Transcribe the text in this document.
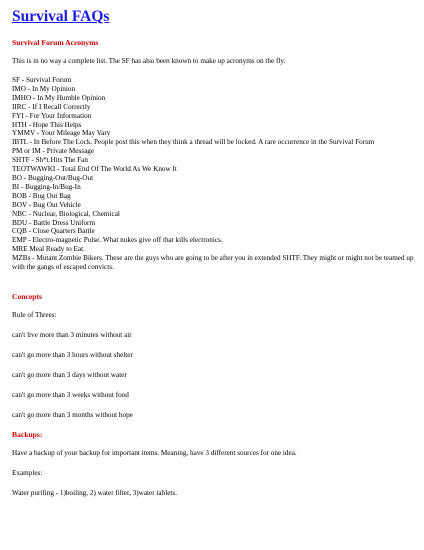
Survival FAQs
Survival Forum Acronyms
This is in no way a complete list. The SF has also been known to make up acronyms on the fly.
SF - Survival Forum
IMO - In My Opinion
IMHO - In My Humble Opinion
IIRC - If I Recall Correctly
FYI - For Your Information
HTH - Hope This Helps
YMMV - Your Mileage May Vary
IBTL - In Before The Lock. People post this when they think a thread will be locked. A rare occurrence in the Survival Forum
PM or IM - Private Message
SHTF - Sh*t Hits The Fan
TEOTWAWKI - Total End Of The World As We Know It
BO - Bugging-Out/Bug-Out
BI - Bugging-In/Bug-In
BOB - Bug Out Bag
BOV - Bug Out Vehicle
NBC - Nuclear, Biological, Chemical
BDU - Battle Dress Uniform
CQB - Close Quarters Battle
EMP - Electro-magnetic Pulse. What nukes give off that kills electronics.
MRE Meal Ready to Eat.
MZBs - Mutant Zombie Bikers. These are the guys who are going to be after you in extended SHTF. They might or might not be teamed up with the gangs of escaped convicts.
Concepts
Rule of Threes:
can't live more than 3 minutes without air
can't go more than 3 hours without shelter
can't go more than 3 days without water
can't go more than 3 weeks without food
can't go more than 3 months without hope
Backups:
Have a backup of your backup for important items. Meaning, have 3 different sources for one idea.
Examples:
Water purifing - 1)boiling, 2) water filter, 3)water tablets.
